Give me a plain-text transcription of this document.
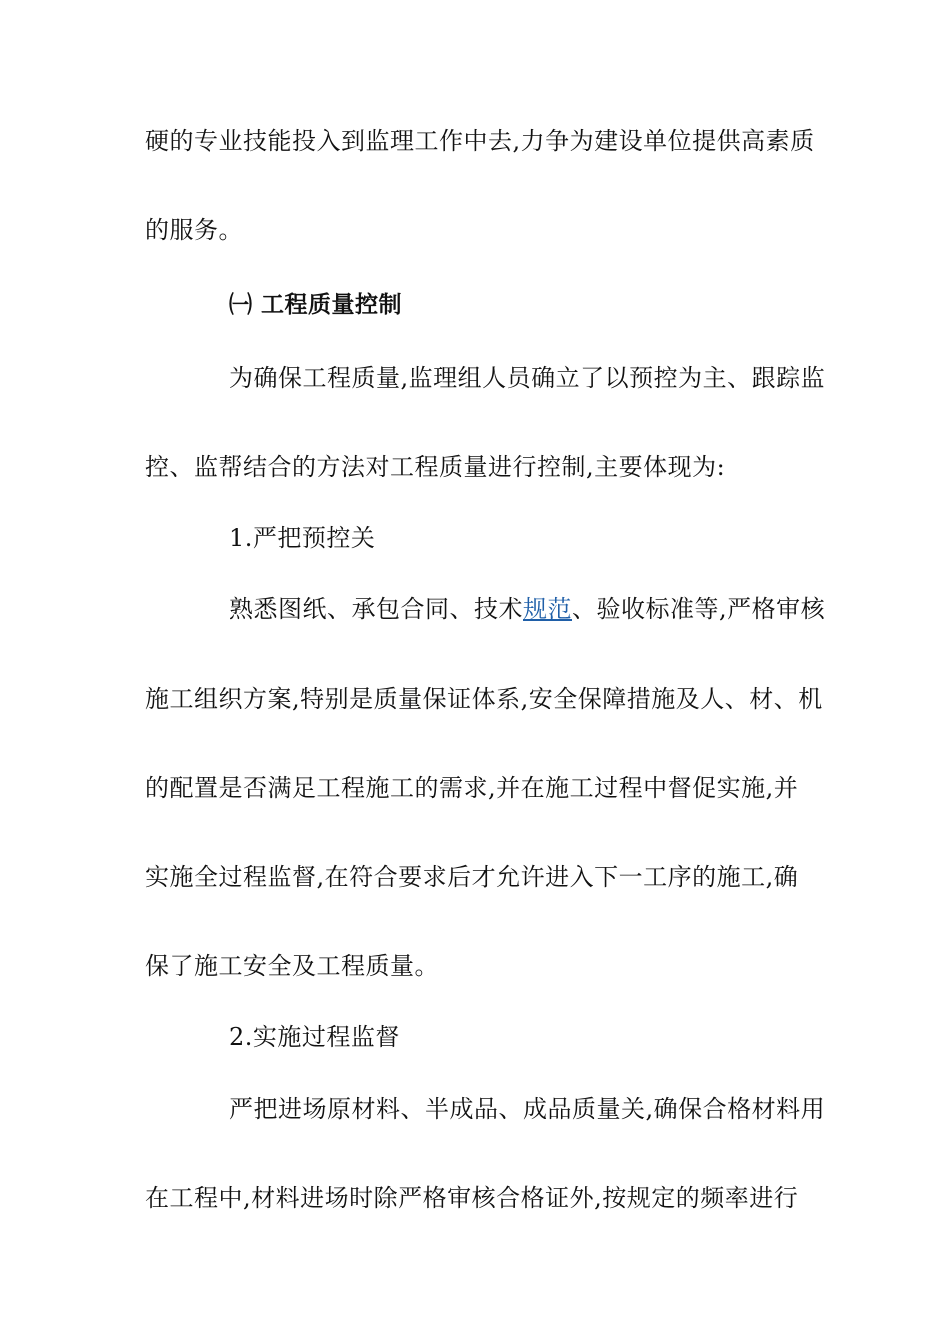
硬的专业技能投入到监理工作中去,力争为建设单位提供高素质
的服务。
㈠ 工程质量控制
为确保工程质量,监理组人员确立了以预控为主、跟踪监
控、监帮结合的方法对工程质量进行控制,主要体现为:
1.严把预控关
熟悉图纸、承包合同、技术规范、验收标准等,严格审核
施工组织方案,特别是质量保证体系,安全保障措施及人、材、机
的配置是否满足工程施工的需求,并在施工过程中督促实施,并
实施全过程监督,在符合要求后才允许进入下一工序的施工,确
保了施工安全及工程质量。
2.实施过程监督
严把进场原材料、半成品、成品质量关,确保合格材料用
在工程中,材料进场时除严格审核合格证外,按规定的频率进行
